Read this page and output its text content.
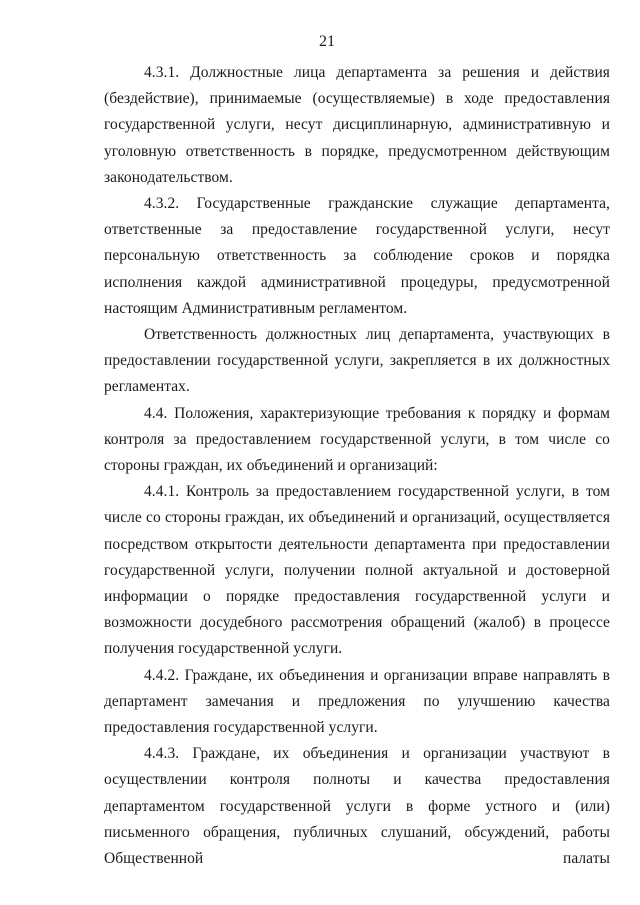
21

4.3.1. Должностные лица департамента за решения и действия (бездействие), принимаемые (осуществляемые) в ходе предоставления государственной услуги, несут дисциплинарную, административную и уголовную ответственность в порядке, предусмотренном действующим законодательством.

4.3.2. Государственные гражданские служащие департамента, ответственные за предоставление государственной услуги, несут персональную ответственность за соблюдение сроков и порядка исполнения каждой административной процедуры, предусмотренной настоящим Административным регламентом.

Ответственность должностных лиц департамента, участвующих в предоставлении государственной услуги, закрепляется в их должностных регламентах.

4.4. Положения, характеризующие требования к порядку и формам контроля за предоставлением государственной услуги, в том числе со стороны граждан, их объединений и организаций:

4.4.1. Контроль за предоставлением государственной услуги, в том числе со стороны граждан, их объединений и организаций, осуществляется посредством открытости деятельности департамента при предоставлении государственной услуги, получении полной актуальной и достоверной информации о порядке предоставления государственной услуги и возможности досудебного рассмотрения обращений (жалоб) в процессе получения государственной услуги.

4.4.2. Граждане, их объединения и организации вправе направлять в департамент замечания и предложения по улучшению качества предоставления государственной услуги.

4.4.3. Граждане, их объединения и организации участвуют в осуществлении контроля полноты и качества предоставления департаментом государственной услуги в форме устного и (или) письменного обращения, публичных слушаний, обсуждений, работы Общественной палаты
